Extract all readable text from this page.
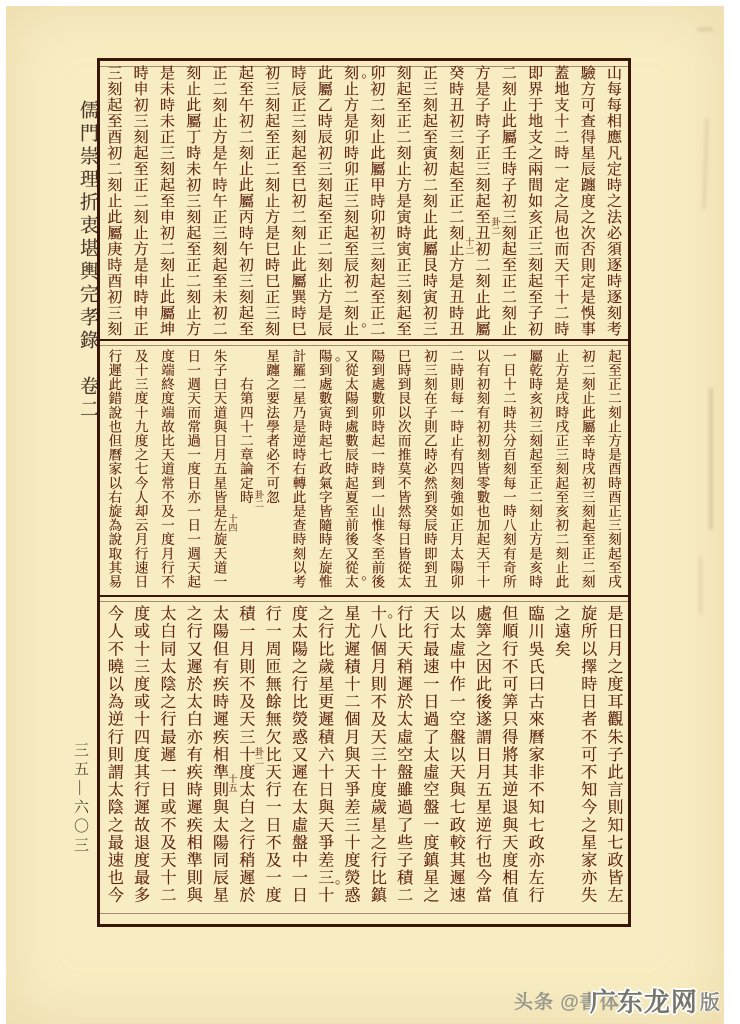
儒門崇理折衷堪輿完孝錄　卷二
三五—六〇三
山每每相應凡定時之法必須逐時逐刻考
驗方可查得星辰躔度之次否則定是悞事
蓋地支十二時一定之局也而天干十二時
即界于地支之兩間如亥正三刻起至子初
二刻止此屬壬時子初三刻起至正二刻止
方是子時子正三刻起至丑初二刻止此屬
癸時丑初三刻起至正二刻止方是丑時丑
正三刻起至寅初二刻止此屬艮時寅初三
刻起至正二刻止方是寅時寅正三刻起至
卯初二刻止此屬甲時卯初三刻起至正二
刻止方是卯時卯正三刻起至辰初二刻止
此屬乙時辰初三刻起至正二刻止方是辰
時辰正三刻起至巳初二刻止此屬巽時巳
初三刻起至正二刻止方是巳時巳正三刻
起至午初二刻止此屬丙時午初三刻起至
正二刻止方是午時午正三刻起至未初二
刻止此屬丁時未初三刻起至正二刻止方
是未時未正三刻起至申初二刻止此屬坤
時申初三刻起至正二刻止方是申時申正
三刻起至酉初二刻止此屬庚時酉初三刻	卦二
十二
○
○
起至正二刻止方是酉時酉正三刻起至戌
初二刻止此屬辛時戌初三刻起至正二刻
止方是戌時戌正三刻起至亥初二刻止此
屬乾時亥初三刻起至正二刻止方是亥時
一日十二時共分百刻每一時八刻有奇所
以有初刻有初初刻皆零數也加起天干十
二時則每一時止有四刻強如正月太陽卯
初三刻在子則乙時必然到癸辰時即到丑
巳時到艮以次而推莫不皆然每日皆從太
陽到處數卯時起一時到一山惟冬至前後
又從太陽到處數辰時起夏至前後又從太
陽到處數寅時起七政氣字皆隨時左旋惟
計羅二星乃是逆時右轉此是查時刻以考
星躔之要法學者必不可忽
　　右第四十二章論定時
朱子曰天道與日月五星皆是左旋天道一
日一週天而常過一度日亦一日一週天起
度端終度端故比天道常不及一度月行不
及十三度十九度之七今人却云月行速日
行遲此錯說也但曆家以右旋為說取其易	卦二
十四
○
○
是日月之度耳觀朱子此言則知七政皆左
旋所以擇時日者不可不知今之星家亦失
之遠矣
臨川吳氏曰古來曆家非不知七政亦左行
但順行不可筭只得將其逆退與天度相值
處筭之因此後遂謂日月五星逆行也今當
以太虛中作一空盤以天與七政較其遲速
天行最速一日過了太虛空盤一度鎮星之
行比天稍遲於太虛空盤雖過了些子積二
十八個月則不及天三十度歲星之行比鎮
星尤遲積十二個月與天爭差三十度熒惑
之行比歲星更遲積六十日與天爭差三十
度太陽之行比熒惑又遲在太虛盤中一日
行一周匝無餘無欠比天行一日不及一度
積一月則不及天三十度太白之行稍遲於
太陽但有疾時遲疾相準則與太陽同辰星
之行又遲於太白亦有疾時遲疾相準則與
太白同太陰之行最遲一日或不及天十二
度或十三度或十四度其行遲故退度最多
今人不曉以為逆行則謂太陰之最速也今	卦二
十五
○
○
头条 @書体
广东龙网 版
